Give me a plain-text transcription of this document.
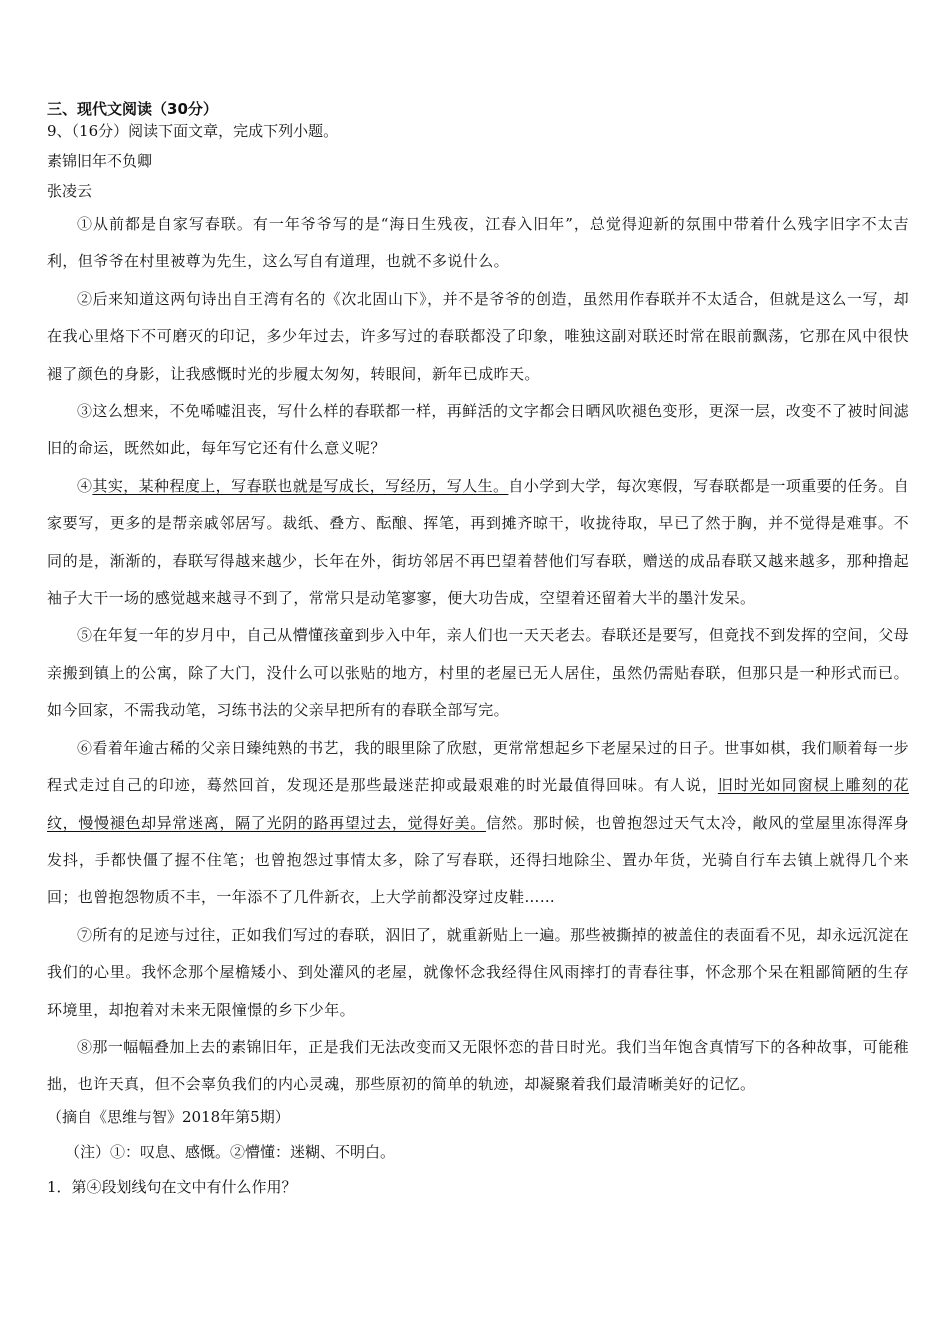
三、现代文阅读（30分）

9、（16分）阅读下面文章，完成下列小题。

素锦旧年不负卿

张凌云

①从前都是自家写春联。有一年爷爷写的是“海日生残夜，江春入旧年”，总觉得迎新的氛围中带着什么残字旧字不太吉利，但爷爷在村里被尊为先生，这么写自有道理，也就不多说什么。

②后来知道这两句诗出自王湾有名的《次北固山下》，并不是爷爷的创造，虽然用作春联并不太适合，但就是这么一写，却在我心里烙下不可磨灭的印记，多少年过去，许多写过的春联都没了印象，唯独这副对联还时常在眼前飘荡，它那在风中很快褪了颜色的身影，让我感慨时光的步履太匆匆，转眼间，新年已成昨天。

③这么想来，不免唏嘘沮丧，写什么样的春联都一样，再鲜活的文字都会日晒风吹褪色变形，更深一层，改变不了被时间滤旧的命运，既然如此，每年写它还有什么意义呢？

④其实，某种程度上，写春联也就是写成长，写经历，写人生。自小学到大学，每次寒假，写春联都是一项重要的任务。自家要写，更多的是帮亲戚邻居写。裁纸、叠方、酝酿、挥笔，再到摊齐晾干，收拢待取，早已了然于胸，并不觉得是难事。不同的是，渐渐的，春联写得越来越少，长年在外，街坊邻居不再巴望着替他们写春联，赠送的成品春联又越来越多，那种撸起袖子大干一场的感觉越来越寻不到了，常常只是动笔寥寥，便大功告成，空望着还留着大半的墨汁发呆。

⑤在年复一年的岁月中，自己从懵懂孩童到步入中年，亲人们也一天天老去。春联还是要写，但竟找不到发挥的空间，父母亲搬到镇上的公寓，除了大门，没什么可以张贴的地方，村里的老屋已无人居住，虽然仍需贴春联，但那只是一种形式而已。如今回家，不需我动笔，习练书法的父亲早把所有的春联全部写完。

⑥看着年逾古稀的父亲日臻纯熟的书艺，我的眼里除了欣慰，更常常想起乡下老屋呆过的日子。世事如棋，我们顺着每一步程式走过自己的印迹，蓦然回首，发现还是那些最迷茫抑或最艰难的时光最值得回味。有人说，旧时光如同窗棂上雕刻的花纹，慢慢褪色却异常迷离，隔了光阴的路再望过去，觉得好美。信然。那时候，也曾抱怨过天气太冷，敞风的堂屋里冻得浑身发抖，手都快僵了握不住笔；也曾抱怨过事情太多，除了写春联，还得扫地除尘、置办年货，光骑自行车去镇上就得几个来回；也曾抱怨物质不丰，一年添不了几件新衣，上大学前都没穿过皮鞋……

⑦所有的足迹与过往，正如我们写过的春联，泅旧了，就重新贴上一遍。那些被撕掉的被盖住的表面看不见，却永远沉淀在我们的心里。我怀念那个屋檐矮小、到处灌风的老屋，就像怀念我经得住风雨摔打的青春往事，怀念那个呆在粗鄙简陋的生存环境里，却抱着对未来无限憧憬的乡下少年。

⑧那一幅幅叠加上去的素锦旧年，正是我们无法改变而又无限怀恋的昔日时光。我们当年饱含真情写下的各种故事，可能稚拙，也许天真，但不会辜负我们的内心灵魂，那些原初的简单的轨迹，却凝聚着我们最清晰美好的记忆。

（摘自《思维与智》2018年第5期）

（注）①：叹息、感慨。②懵懂：迷糊、不明白。

1．第④段划线句在文中有什么作用？
